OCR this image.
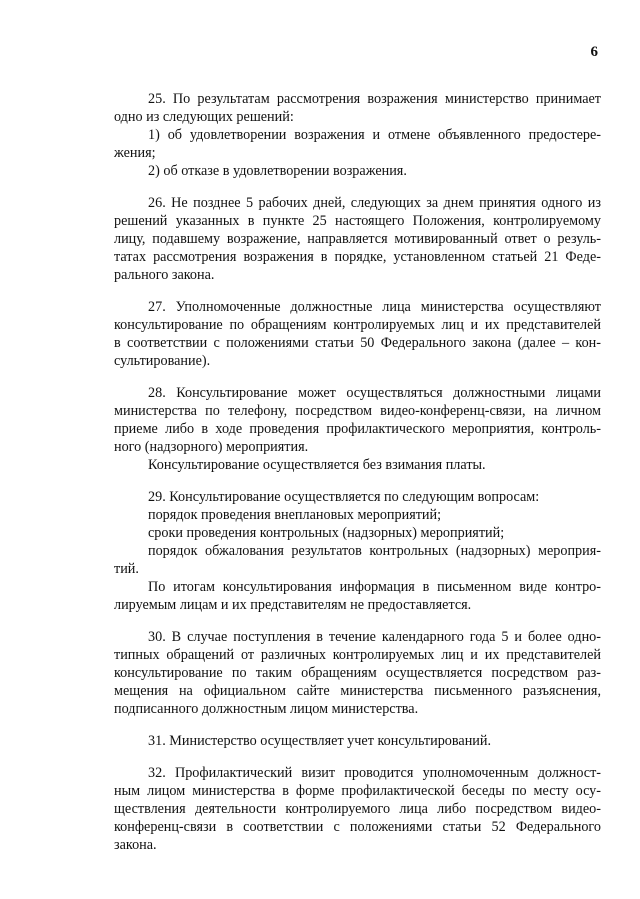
6
25. По результатам рассмотрения возражения министерство принимает
одно из следующих решений:
1) об удовлетворении возражения и отмене объявленного предостере-
жения;
2) об отказе в удовлетворении возражения.
26. Не позднее 5 рабочих дней, следующих за днем принятия одного из
решений указанных в пункте 25 настоящего Положения, контролируемому
лицу, подавшему возражение, направляется мотивированный ответ о резуль-
татах рассмотрения возражения в порядке, установленном статьей 21 Феде-
рального закона.
27. Уполномоченные должностные лица министерства осуществляют
консультирование по обращениям контролируемых лиц и их представителей
в соответствии с положениями статьи 50 Федерального закона (далее – кон-
сультирование).
28. Консультирование может осуществляться должностными лицами
министерства по телефону, посредством видео-конференц-связи, на личном
приеме либо в ходе проведения профилактического мероприятия, контроль-
ного (надзорного) мероприятия.
Консультирование осуществляется без взимания платы.
29. Консультирование осуществляется по следующим вопросам:
порядок проведения внеплановых мероприятий;
сроки проведения контрольных (надзорных) мероприятий;
порядок обжалования результатов контрольных (надзорных) мероприя-
тий.
По итогам консультирования информация в письменном виде контро-
лируемым лицам и их представителям не предоставляется.
30. В случае поступления в течение календарного года 5 и более одно-
типных обращений от различных контролируемых лиц и их представителей
консультирование по таким обращениям осуществляется посредством раз-
мещения на официальном сайте министерства письменного разъяснения,
подписанного должностным лицом министерства.
31. Министерство осуществляет учет консультирований.
32. Профилактический визит проводится уполномоченным должност-
ным лицом министерства в форме профилактической беседы по месту осу-
ществления деятельности контролируемого лица либо посредством видео-
конференц-связи в соответствии с положениями статьи 52 Федерального
закона.
